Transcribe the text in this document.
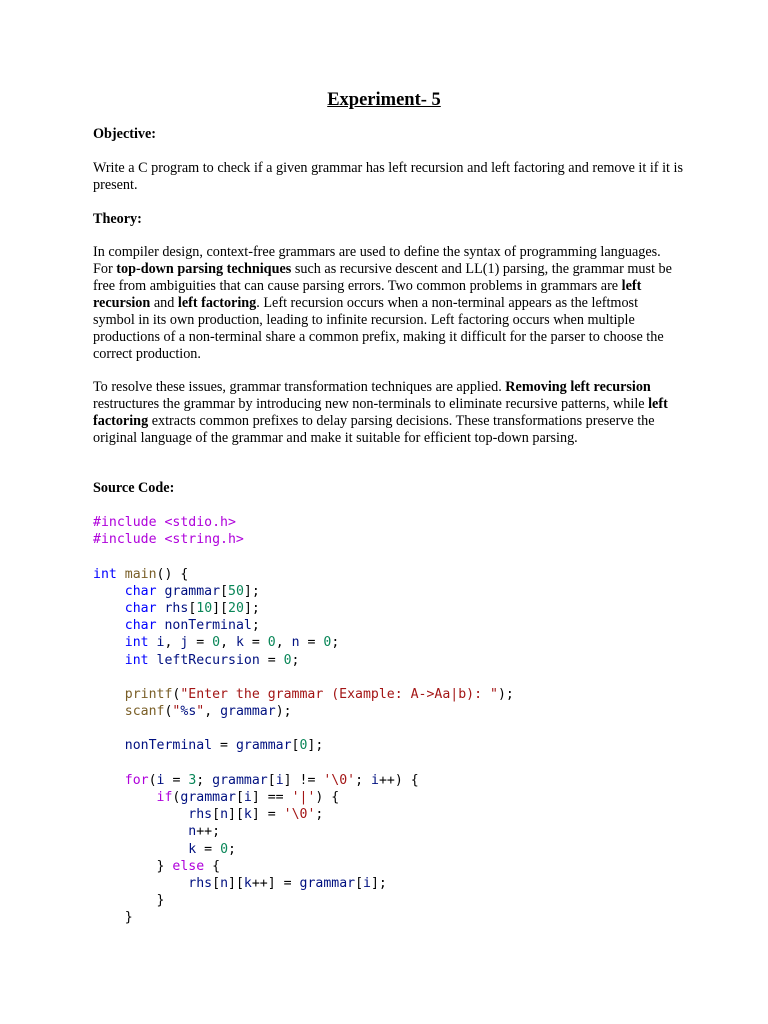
Experiment- 5
Objective:
Write a C program to check if a given grammar has left recursion and left factoring and remove it if it is present.
Theory:
In compiler design, context-free grammars are used to define the syntax of programming languages. For top-down parsing techniques such as recursive descent and LL(1) parsing, the grammar must be free from ambiguities that can cause parsing errors. Two common problems in grammars are left recursion and left factoring. Left recursion occurs when a non-terminal appears as the leftmost symbol in its own production, leading to infinite recursion. Left factoring occurs when multiple productions of a non-terminal share a common prefix, making it difficult for the parser to choose the correct production.
To resolve these issues, grammar transformation techniques are applied. Removing left recursion restructures the grammar by introducing new non-terminals to eliminate recursive patterns, while left factoring extracts common prefixes to delay parsing decisions. These transformations preserve the original language of the grammar and make it suitable for efficient top-down parsing.
Source Code:
#include <stdio.h>
#include <string.h>
int main() {
char grammar[50];
char rhs[10][20];
char nonTerminal;
int i, j = 0, k = 0, n = 0;
int leftRecursion = 0;
printf("Enter the grammar (Example: A->Aa|b): ");
scanf("%s", grammar);
nonTerminal = grammar[0];
for(i = 3; grammar[i] != '\0'; i++) {
if(grammar[i] == '|') {
rhs[n][k] = '\0';
n++;
k = 0;
} else {
rhs[n][k++] = grammar[i];
}
}
